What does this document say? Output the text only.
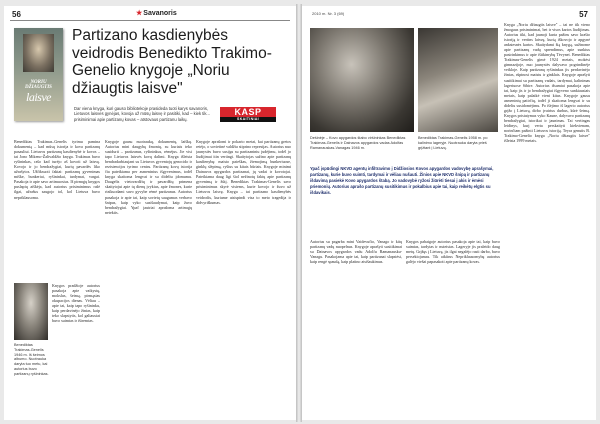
56	★Savanoris
NORIU DŽIAUGTIS
laisve
Partizano kasdienybės veidrodis Benedikto Trakimo-Genelio knygoje „Noriu džiaugtis laisve"
Dar viena knyga, kuri gauso bibliotekoje prasideda tuoti karys savanoris, Lietuvos laisvės gynėjas, kovoja už mūsų laisvę ir pasitiki, kad – kiek tik... prisiminimai apie partizanų kovas – atstovaus partizanu laikų.
KASP
SKAITINIAI
Benediktas Trakimas–Genelis tyrimu pamina dokumentą – kad mūsų istorija ir kova partizanų pasauliui. Lietuvos partizanų kasdienybė ir kovos – tai Jono Mikeno-Žaltvaldžio knyga. Trakimas buvo ryšininkas, rašo kad turėjo aš kovoti už laisvę. Kovojo ir jo bendražygiai, kurių pavardės liko užrašytos. Užfiksuoti faktai: partizanų gyvenimas miške, bunkeriai, ryšininkai, tardymai, vargai. Pasakoja ir apie savo artimuosius. Iš pirmųjų knygos puslapių aiškėja, kad autorius prisiminimus rašė ilgai, užrašus saugojo tol, kol Lietuva buvo nepriklausoma.
Benediktas Trakimas-Genelis 1946 m. Iš šeimos albumo. Nuotrauka daryta tuo metu, kai autorius buvo partizanų ryšininkas.
Knygos pradžioje autorius pasakoja apie vaikystę, mokslus, šeimą, pirmąsias okupacijos dienas. Vėliau – apie tai, kaip tapo ryšininku, kaip perdavinėjo žinias, kaip teko slapstytis, kol galiausiai buvo suimtas ir ištremtas.
Knygoje gausu nuotraukų, dokumentų, laiškų. Autorius mini daugybę žmonių, su kuriais teko susidurti – partizanus, ryšininkus, rėmėjus. Jie visi tapo Lietuvos laisvės kovų dalimi. Knyga išleista bendradarbiaujant su Lietuvos gyventojų genocido ir rezistencijos tyrimo centru. Partizanų kovų istorija čia pateikiama per asmeninius išgyvenimus, todėl knyga skaitoma lengvai ir su dideliu įdomumu. Daugelis vietovardžių ir pavardžių primena skaitytojui apie tų dienų įvykius, apie žmones, kurie rizikuodami savo gyvybe rėmė partizanus. Autorius pasakoja ir apie tai, kaip sovietų saugumas verbavo šnipus, kaip vyko susišaudymai, kaip žuvo bendražygiai. Ypač jautriai aprašoma artimųjų netektis.
Knygoje aprašomi ir pokario metai, kai partizanų gretos retėjo, o sovietinė valdžia stiprino represijas. Autorius nuo jaunystės buvo susijęs su partizaniniu judėjimu, todėl jo liudijimai itin vertingi. Skaitytojas sužino apie partizanų kasdienybę: maisto paieškas, žiemojimą bunkeriuose, ginklų slėpimą, ryšius su kitais būriais. Knygoje minimi Dainavos apygardos partizanai, jų vadai ir kovotojai. Pateikiama daug ligi šiol nežinotų faktų apie partizanų gyvenimą ir žūtį. Benediktas Trakimas-Genelis savo prisiminimus skyrė visiems, kurie kovojo ir žuvo už Lietuvos laisvę. Knyga – tai partizano kasdienybės veidrodis, kuriame atsispindi visa to meto tragedija ir didvyriškumas.
2010 m. Nr. 3 (69)	57
Dešinėje – Kovo apygardos štabo viršininkas Benediktas Trakimas-Genelis ir Dainavos apygardos vadas Adolfas Ramanauskas-Vanagas 1946 m.
Benediktas Trakimas-Genelis 1958 m. po kalinimo lageryje. Nuotrauka daryta prieš grįžtant į Lietuvą.
Ypač įspūdingi NKVD agentų infiltravimo į Didžiosios Kovos apygardos vadovybę aprašymai, partizanų, kurie buvo suimti, tardymai ir vėliau nušauti. Žinios apie NKVD šnipą ir partizanų išdavimą pasiekė Kovo apygardos štabą. Jo vadovybė ryžosi žiūrėti tiesai į akis ir ėmėsi priemonių. Autorius aprašo partizanų susitikimus ir pokalbius apie tai, kaip reikėtų elgtis su išdavikais.
Autorius su pagarba mini Vaidevučio, Vanago ir kitų partizanų vadų nuopelnus. Knygoje aprašyti susitikimai su Dainavos apygardos vadu Adolfu Ramanausku-Vanagu. Pasakojama apie tai, kaip partizanai slapstėsi, kaip rengė spaudą, kaip platino atsišaukimus.
Knygos pabaigoje autorius pasakoja apie tai, kaip buvo suimtas, tardytas ir nuteistas. Lageryje jis praleido daug metų. Grįžęs į Lietuvą, jis ilgai negalėjo rasti darbo, buvo persekiojamas. Tik atkūrus Nepriklausomybę autorius galėjo viešai papasakoti apie partizanų kovas.
Knyga „Noriu džiaugtis laisve" – tai ne tik vieno žmogaus prisiminimai, bet ir visos kartos liudijimas. Autorius tiki, kad jaunoji karta pažins savo krašto istoriją ir vertins laisvę, kurią iškovojo ir apgynė ankstesnės kartos. Skaitydami šią knygą, sužinome apie partizanų vadų sprendimus, apie sunkius pasirinkimus ir apie ištikimybę Tėvynei. Benediktas Trakimas-Genelis gimė 1924 metais, mokėsi gimnazijoje, nuo jaunystės dalyvavo pogrindinėje veikloje. Kaip partizanų ryšininkas jis perdavinėjo žinias, rūpinosi maistu ir ginklais. Knygoje aprašyti susitikimai su partizanų vadais, tardymai, kalinimas lageriuose Sibire. Autorius išsamiai pasakoja apie tai, kaip jis ir jo bendražygiai išgyveno sunkiausiais metais, kaip palaikė vieni kitus. Knygoje gausu asmeninių patirčių, todėl ji skaitoma lengvai ir su dideliu susidomėjimu. Po išėjimo iš lagerio autorius grįžo į Lietuvą, dirbo įvairius darbus, kūrė šeimą. Knygos pristatymas vyko Kaune, dalyvavo partizanų bendražygiai, istorikai ir jaunimas. Tai vertingas leidinys, kurį verta perskaityti kiekvienam, norinčiam pažinti Lietuvos istoriją. Teyra genutis B. Trakimo-Genelio knyga „Noriu džiaugtis laisve" išleista 1999 metais.
